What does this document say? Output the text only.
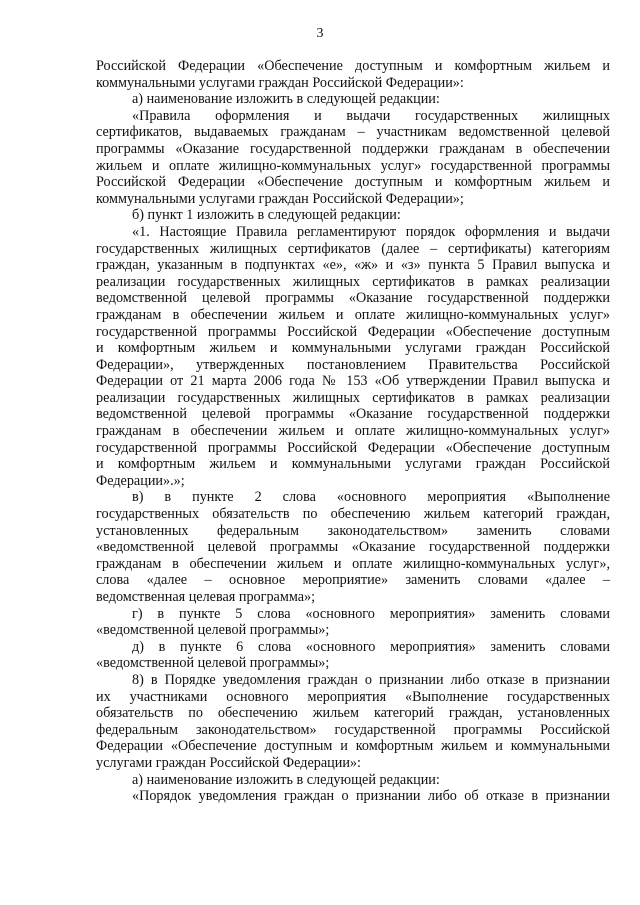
3

Российской Федерации «Обеспечение доступным и комфортным жильем и

коммунальными услугами граждан Российской Федерации»:

а) наименование изложить в следующей редакции:

«Правила оформления и выдачи государственных жилищных

сертификатов, выдаваемых гражданам – участникам ведомственной целевой

программы «Оказание государственной поддержки гражданам в обеспечении

жильем и оплате жилищно-коммунальных услуг» государственной программы

Российской Федерации «Обеспечение доступным и комфортным жильем и

коммунальными услугами граждан Российской Федерации»;

б) пункт 1 изложить в следующей редакции:

«1. Настоящие Правила регламентируют порядок оформления и выдачи

государственных жилищных сертификатов (далее – сертификаты) категориям

граждан, указанным в подпунктах «е», «ж» и «з» пункта 5 Правил выпуска и

реализации государственных жилищных сертификатов в рамках реализации

ведомственной целевой программы «Оказание государственной поддержки

гражданам в обеспечении жильем и оплате жилищно-коммунальных услуг»

государственной программы Российской Федерации «Обеспечение доступным

и комфортным жильем и коммунальными услугами граждан Российской

Федерации», утвержденных постановлением Правительства Российской

Федерации от 21 марта 2006 года № 153 «Об утверждении Правил выпуска и

реализации государственных жилищных сертификатов в рамках реализации

ведомственной целевой программы «Оказание государственной поддержки

гражданам в обеспечении жильем и оплате жилищно-коммунальных услуг»

государственной программы Российской Федерации «Обеспечение доступным

и комфортным жильем и коммунальными услугами граждан Российской

Федерации».»;

в) в пункте 2 слова «основного мероприятия «Выполнение

государственных обязательств по обеспечению жильем категорий граждан,

установленных федеральным законодательством» заменить словами

«ведомственной целевой программы «Оказание государственной поддержки

гражданам в обеспечении жильем и оплате жилищно-коммунальных услуг»,

слова «далее – основное мероприятие» заменить словами «далее –

ведомственная целевая программа»;

г) в пункте 5 слова «основного мероприятия» заменить словами

«ведомственной целевой программы»;

д) в пункте 6 слова «основного мероприятия» заменить словами

«ведомственной целевой программы»;

8) в Порядке уведомления граждан о признании либо отказе в признании

их участниками основного мероприятия «Выполнение государственных

обязательств по обеспечению жильем категорий граждан, установленных

федеральным законодательством» государственной программы Российской

Федерации «Обеспечение доступным и комфортным жильем и коммунальными

услугами граждан Российской Федерации»:

а) наименование изложить в следующей редакции:

«Порядок уведомления граждан о признании либо об отказе в признании
